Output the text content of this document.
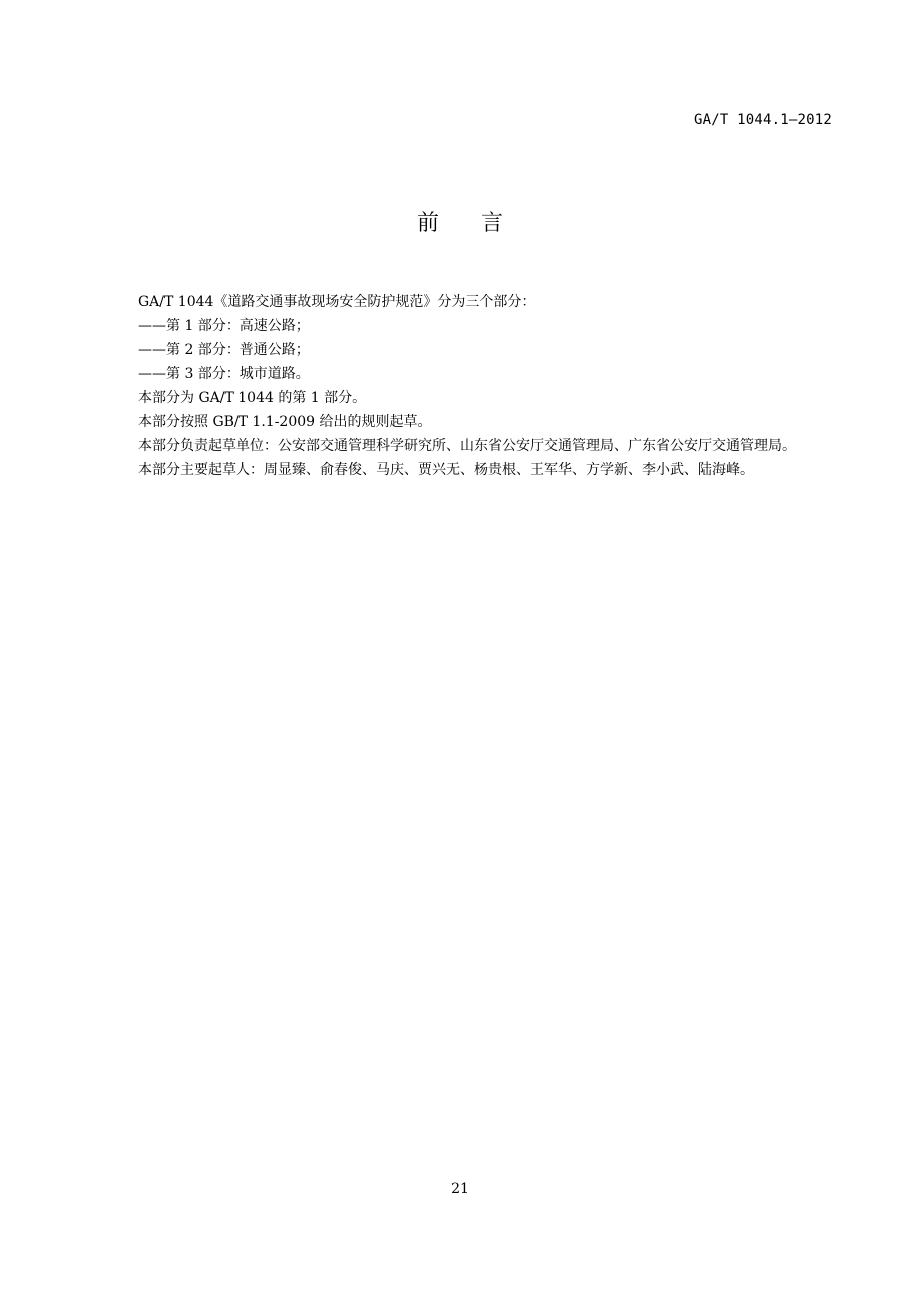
GA/T 1044.1—2012
前言

GA/T 1044《道路交通事故现场安全防护规范》分为三个部分：

——第 1 部分：高速公路；

——第 2 部分：普通公路；

——第 3 部分：城市道路。

本部分为 GA/T 1044 的第 1 部分。

本部分按照 GB/T 1.1-2009 给出的规则起草。

本部分负责起草单位：公安部交通管理科学研究所、山东省公安厅交通管理局、广东省公安厅交通管理局。

本部分主要起草人：周显臻、俞春俊、马庆、贾兴无、杨贵根、王军华、方学新、李小武、陆海峰。

21
